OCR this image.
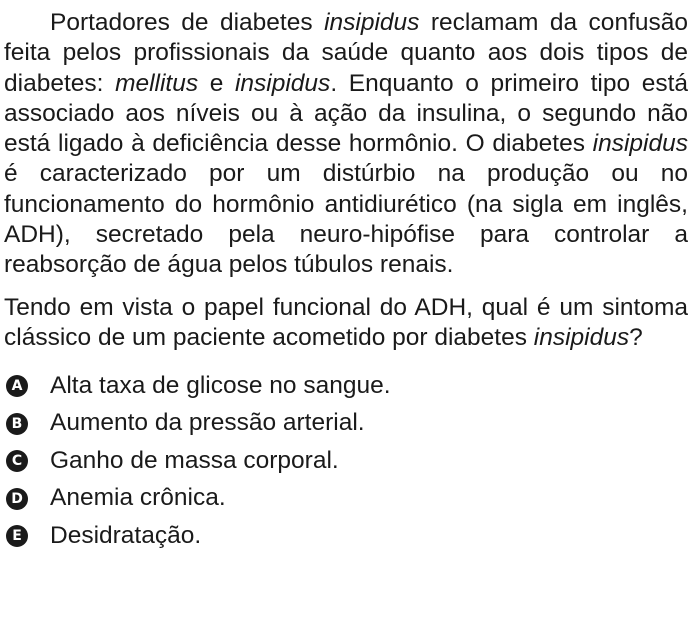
Portadores de diabetes insipidus reclamam da confusão feita pelos profissionais da saúde quanto aos dois tipos de diabetes: mellitus e insipidus. Enquanto o primeiro tipo está associado aos níveis ou à ação da insulina, o segundo não está ligado à deficiência desse hormônio. O diabetes insipidus é caracterizado por um distúrbio na produção ou no funcionamento do hormônio antidiurético (na sigla em inglês, ADH), secretado pela neuro-hipófise para controlar a reabsorção de água pelos túbulos renais.

Tendo em vista o papel funcional do ADH, qual é um sintoma clássico de um paciente acometido por diabetes insipidus?

A Alta taxa de glicose no sangue.
B Aumento da pressão arterial.
C Ganho de massa corporal.
D Anemia crônica.
E Desidratação.
